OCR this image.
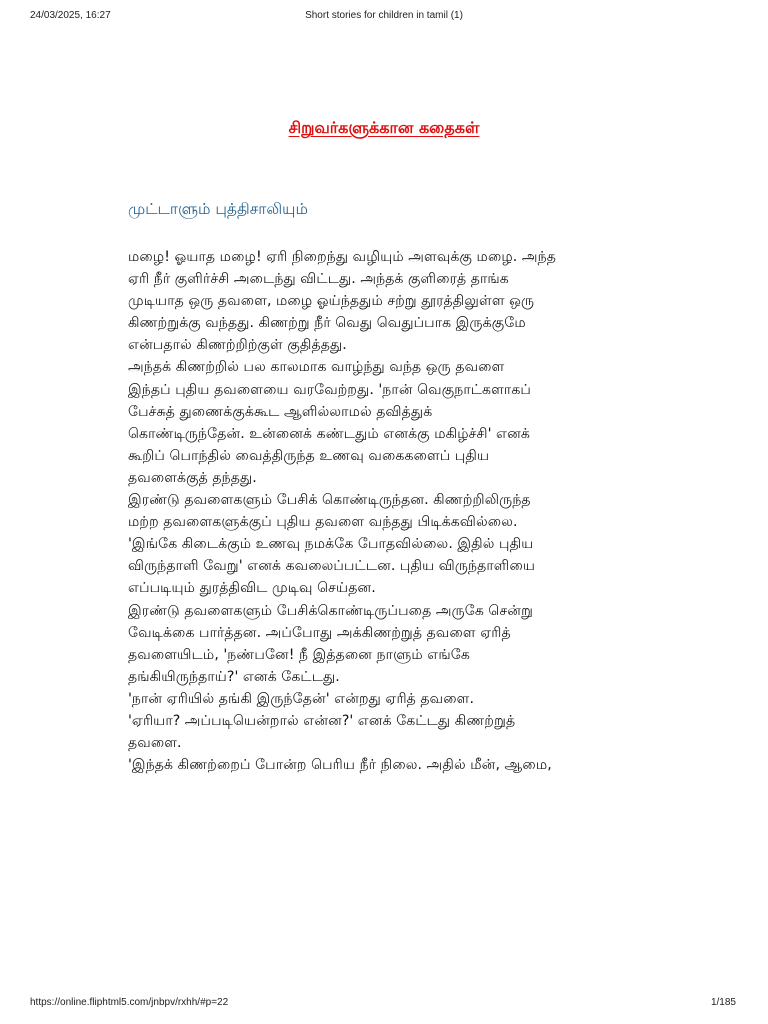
24/03/2025, 16:27	Short stories for children in tamil (1)
சிறுவர்களுக்கான கதைகள்
முட்டாளும் புத்திசாலியும்
மழை! ஓயாத மழை! ஏரி நிறைந்து வழியும் அளவுக்கு மழை. அந்த
ஏரி நீர் குளிர்ச்சி அடைந்து விட்டது. அந்தக் குளிரைத் தாங்க
முடியாத ஒரு தவளை, மழை ஓய்ந்ததும் சற்று தூரத்திலுள்ள ஒரு
கிணற்றுக்கு வந்தது. கிணற்று நீர் வெது வெதுப்பாக இருக்குமே
என்பதால் கிணற்றிற்குள் குதித்தது.
அந்தக் கிணற்றில் பல காலமாக வாழ்ந்து வந்த ஒரு தவளை
இந்தப் புதிய தவளையை வரவேற்றது. 'நான் வெகுநாட்களாகப்
பேச்சுத் துணைக்குக்கூட ஆளில்லாமல் தவித்துக்
கொண்டிருந்தேன். உன்னைக் கண்டதும் எனக்கு மகிழ்ச்சி' எனக்
கூறிப் பொந்தில் வைத்திருந்த உணவு வகைகளைப் புதிய
தவளைக்குத் தந்தது.
இரண்டு தவளைகளும் பேசிக் கொண்டிருந்தன. கிணற்றிலிருந்த
மற்ற தவளைகளுக்குப் புதிய தவளை வந்தது பிடிக்கவில்லை.
'இங்கே கிடைக்கும் உணவு நமக்கே போதவில்லை. இதில் புதிய
விருந்தாளி வேறு' எனக் கவலைப்பட்டன. புதிய விருந்தாளியை
எப்படியும் துரத்திவிட முடிவு செய்தன.
இரண்டு தவளைகளும் பேசிக்கொண்டிருப்பதை அருகே சென்று
வேடிக்கை பார்த்தன. அப்போது அக்கிணற்றுத் தவளை ஏரித்
தவளையிடம், 'நண்பனே! நீ இத்தனை நாளும் எங்கே
தங்கியிருந்தாய்?' எனக் கேட்டது.
'நான் ஏரியில் தங்கி இருந்தேன்' என்றது ஏரித் தவளை.
'ஏரியா? அப்படியென்றால் என்ன?' எனக் கேட்டது கிணற்றுத்
தவளை.
'இந்தக் கிணற்றைப் போன்ற பெரிய நீர் நிலை. அதில் மீன், ஆமை,
https://online.fliphtml5.com/jnbpv/rxhh/#p=22	1/185
